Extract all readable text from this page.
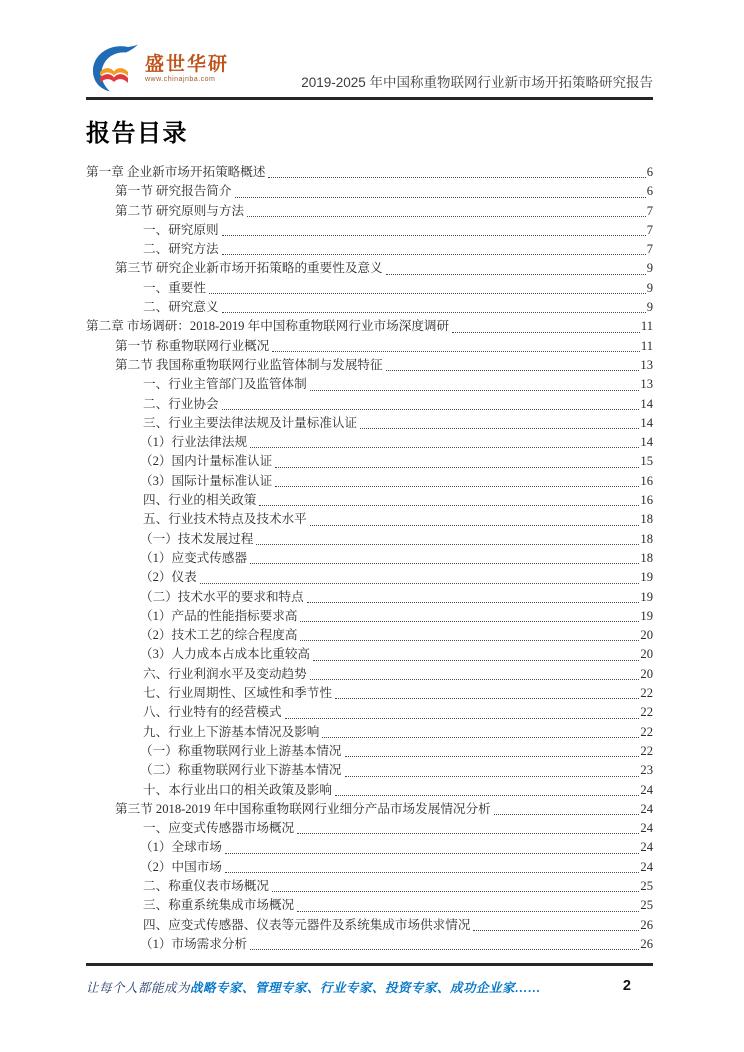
盛世华研
www.chinajnba.com	2019-2025 年中国称重物联网行业新市场开拓策略研究报告
报告目录
第一章 企业新市场开拓策略概述	6
第一节 研究报告简介	6
第二节 研究原则与方法	7
一、研究原则	7
二、研究方法	7
第三节 研究企业新市场开拓策略的重要性及意义	9
一、重要性	9
二、研究意义	9
第二章 市场调研：2018-2019 年中国称重物联网行业市场深度调研	11
第一节 称重物联网行业概况	11
第二节 我国称重物联网行业监管体制与发展特征	13
一、行业主管部门及监管体制	13
二、行业协会	14
三、行业主要法律法规及计量标准认证	14
（1）行业法律法规	14
（2）国内计量标准认证	15
（3）国际计量标准认证	16
四、行业的相关政策	16
五、行业技术特点及技术水平	18
（一）技术发展过程	18
（1）应变式传感器	18
（2）仪表	19
（二）技术水平的要求和特点	19
（1）产品的性能指标要求高	19
（2）技术工艺的综合程度高	20
（3）人力成本占成本比重较高	20
六、行业利润水平及变动趋势	20
七、行业周期性、区域性和季节性	22
八、行业特有的经营模式	22
九、行业上下游基本情况及影响	22
（一）称重物联网行业上游基本情况	22
（二）称重物联网行业下游基本情况	23
十、本行业出口的相关政策及影响	24
第三节 2018-2019 年中国称重物联网行业细分产品市场发展情况分析	24
一、应变式传感器市场概况	24
（1）全球市场	24
（2）中国市场	24
二、称重仪表市场概况	25
三、称重系统集成市场概况	25
四、应变式传感器、仪表等元器件及系统集成市场供求情况	26
（1）市场需求分析	26
让每个人都能成为战略专家、管理专家、行业专家、投资专家、成功企业家……	2
